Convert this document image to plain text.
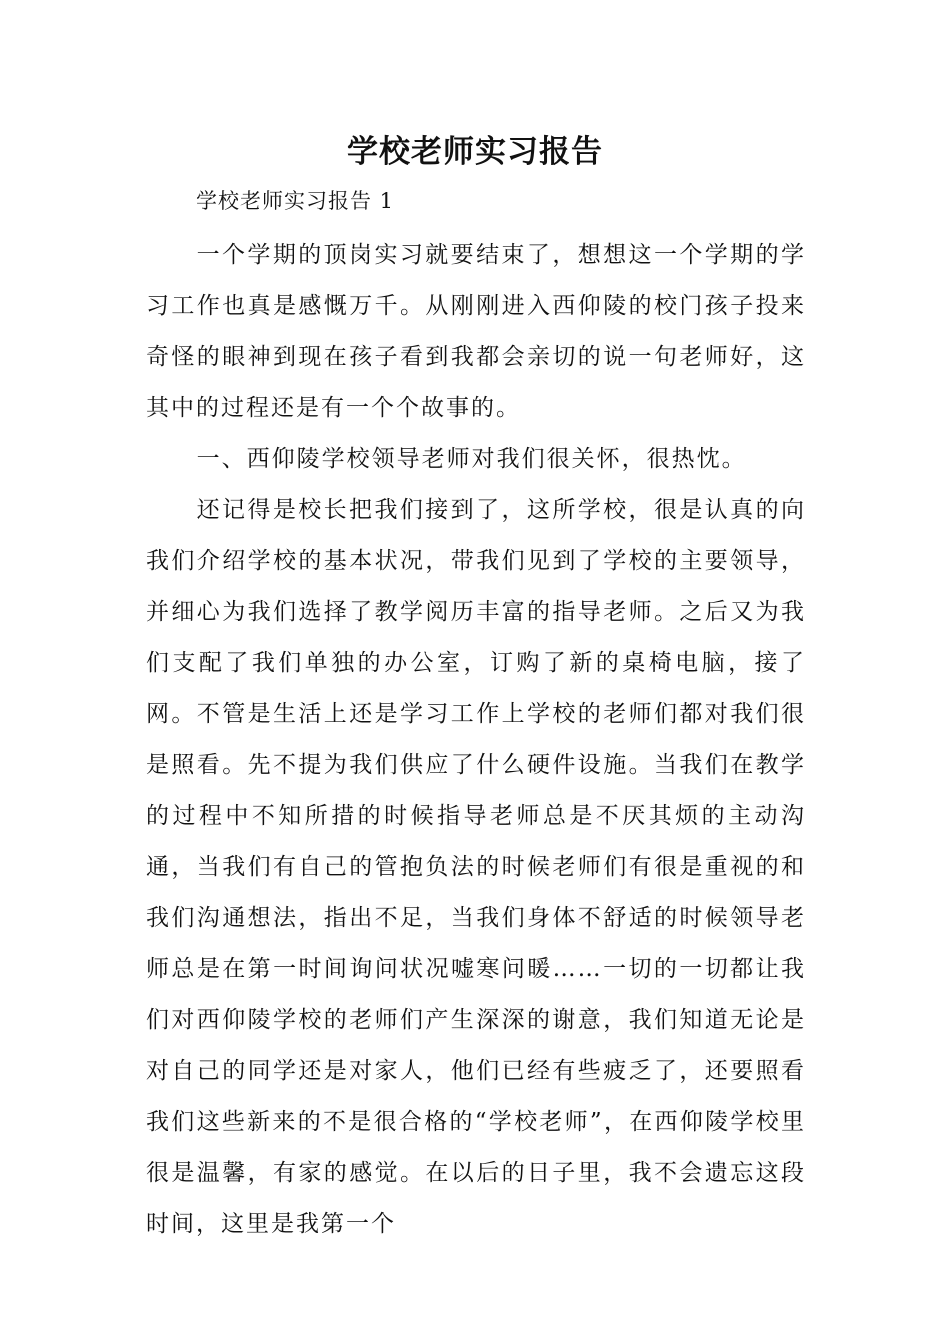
学校老师实习报告
学校老师实习报告 1

一个学期的顶岗实习就要结束了，想想这一个学期的学习工作也真是感慨万千。从刚刚进入西仰陵的校门孩子投来奇怪的眼神到现在孩子看到我都会亲切的说一句老师好，这其中的过程还是有一个个故事的。

一、西仰陵学校领导老师对我们很关怀，很热忱。

还记得是校长把我们接到了，这所学校，很是认真的向我们介绍学校的基本状况，带我们见到了学校的主要领导，并细心为我们选择了教学阅历丰富的指导老师。之后又为我们支配了我们单独的办公室，订购了新的桌椅电脑，接了网。不管是生活上还是学习工作上学校的老师们都对我们很是照看。先不提为我们供应了什么硬件设施。当我们在教学的过程中不知所措的时候指导老师总是不厌其烦的主动沟通，当我们有自己的管抱负法的时候老师们有很是重视的和我们沟通想法，指出不足，当我们身体不舒适的时候领导老师总是在第一时间询问状况嘘寒问暖……一切的一切都让我们对西仰陵学校的老师们产生深深的谢意，我们知道无论是对自己的同学还是对家人，他们已经有些疲乏了，还要照看我们这些新来的不是很合格的“学校老师”，在西仰陵学校里很是温馨，有家的感觉。在以后的日子里，我不会遗忘这段时间，这里是我第一个
